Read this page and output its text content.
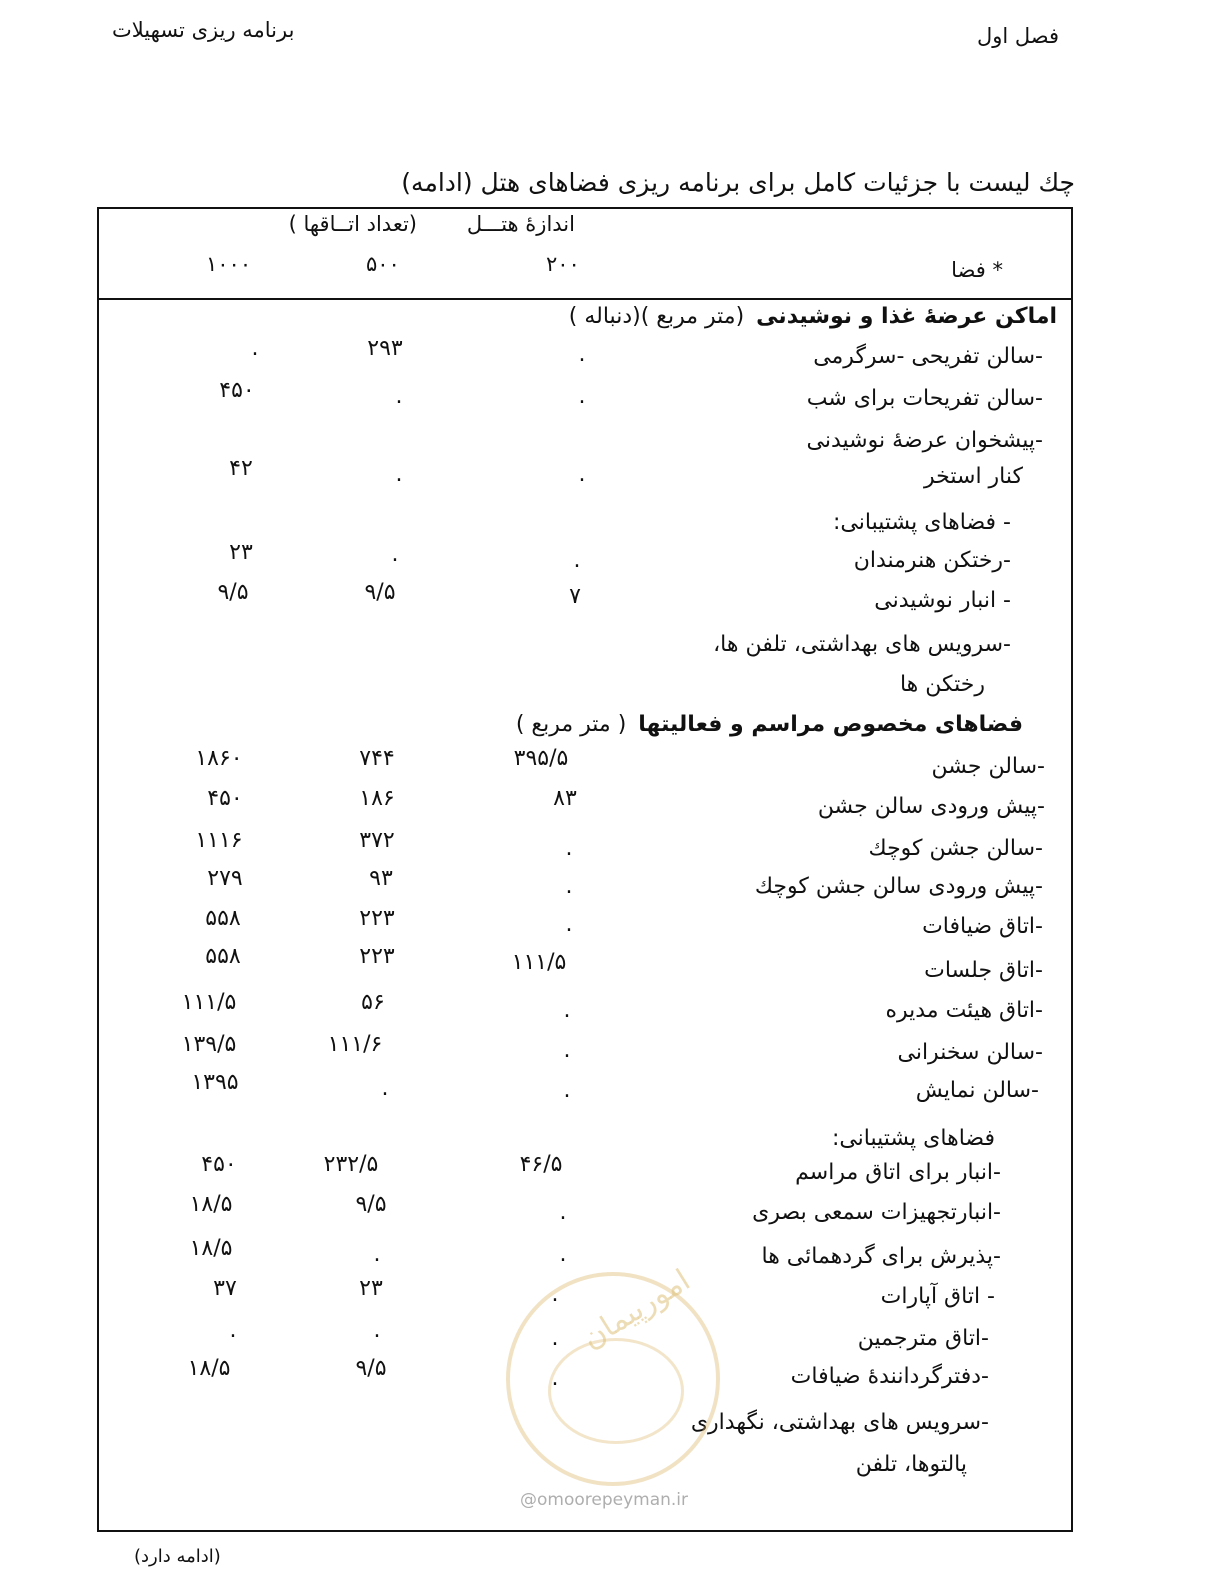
برنامه ریزی تسهیلات	فصل اول
چك لیست با جزئیات كامل برای برنامه ریزی فضاهای هتل (ادامه)
اندازهٔ هتـــل
(تعداد اتــاقها )
۲۰۰
۵۰۰
۱۰۰۰	* فضا
اماكن عرضهٔ غذا و نوشیدنی(متر مربع )(دنباله )
-سالن تفریحی -سرگرمی
.
۲۹۳
.
-سالن تفریحات برای شب
.
.
۴۵۰
-پیشخوان عرضهٔ نوشیدنی
كنار استخر
.
.
۴۲
- فضاهای پشتیبانی:
-رختكن هنرمندان
.
.
۲۳
- انبار نوشیدنی
۷
۹/۵
۹/۵
-سرویس های بهداشتی، تلفن ها،
رختكن ها
فضاهای مخصوص مراسم و فعالیتها( متر مربع )
-سالن جشن
۳۹۵/۵
۷۴۴
۱۸۶۰
-پیش ورودی سالن جشن
۸۳
۱۸۶
۴۵۰
-سالن جشن كوچك
.
۳۷۲
۱۱۱۶
-پیش ورودی سالن جشن كوچك
.
۹۳
۲۷۹
-اتاق ضیافات
.
۲۲۳
۵۵۸
-اتاق جلسات
۱۱۱/۵
۲۲۳
۵۵۸
-اتاق هیئت مدیره
.
۵۶
۱۱۱/۵
-سالن سخنرانی
.
۱۱۱/۶
۱۳۹/۵
-سالن نمایش
.
.
۱۳۹۵
فضاهای پشتیبانی:
-انبار برای اتاق مراسم
۴۶/۵
۲۳۲/۵
۴۵۰
-انبارتجهیزات سمعی بصری
.
۹/۵
۱۸/۵
-پذیرش برای گردهمائی ها
.
.
۱۸/۵
- اتاق آپارات
.
۲۳
۳۷
-اتاق مترجمین
.
.
.
-دفترگردانندهٔ ضیافات
.
۹/۵
۱۸/۵
-سرویس های بهداشتی، نگهداری
پالتوها، تلفن
امورپیمان
@omoorepeyman.ir
(ادامه دارد)
